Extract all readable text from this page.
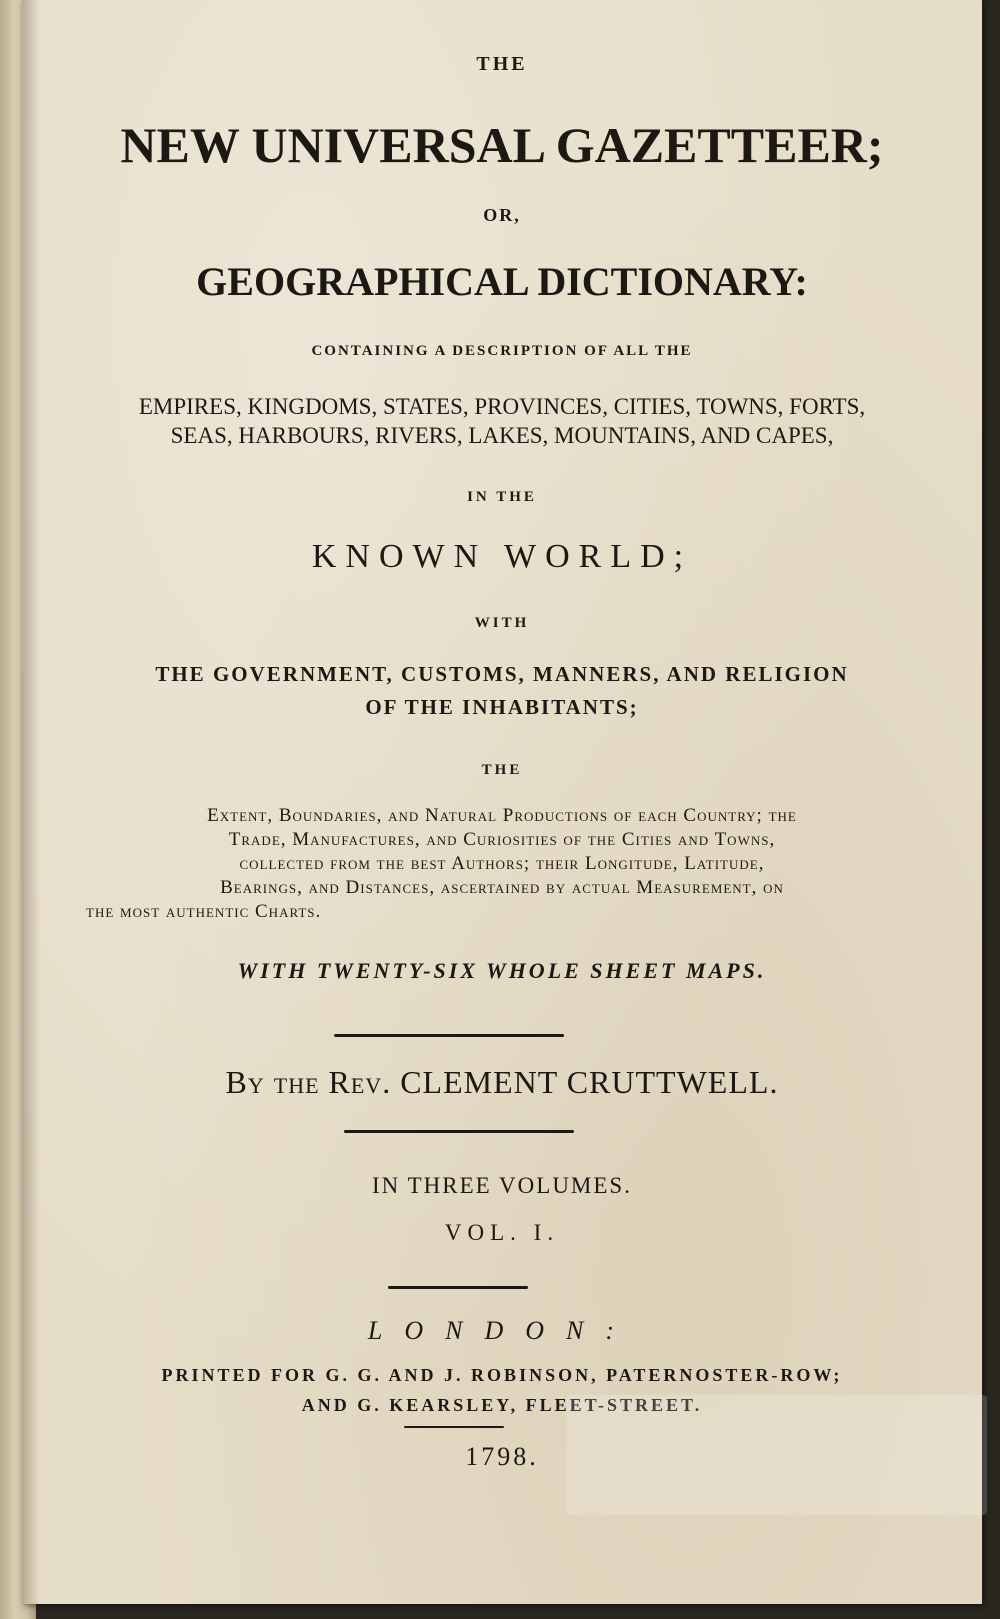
THE
NEW UNIVERSAL GAZETTEER;
OR,
GEOGRAPHICAL DICTIONARY:
CONTAINING A DESCRIPTION OF ALL THE
EMPIRES, KINGDOMS, STATES, PROVINCES, CITIES, TOWNS, FORTS,
SEAS, HARBOURS, RIVERS, LAKES, MOUNTAINS, AND CAPES,
IN THE
KNOWN WORLD;
WITH
THE GOVERNMENT, CUSTOMS, MANNERS, AND RELIGION
OF THE INHABITANTS;
THE
Extent, Boundaries, and Natural Productions of each Country; the
Trade, Manufactures, and Curiosities of the Cities and Towns,
collected from the best Authors; their Longitude, Latitude,
Bearings, and Distances, ascertained by actual Measurement, on
the most authentic Charts.
WITH TWENTY-SIX WHOLE SHEET MAPS.
By the Rev. CLEMENT CRUTTWELL.
IN THREE VOLUMES.
VOL. I.
LONDON:
PRINTED FOR G. G. AND J. ROBINSON, PATERNOSTER-ROW;
AND G. KEARSLEY, FLEET-STREET.
1798.
